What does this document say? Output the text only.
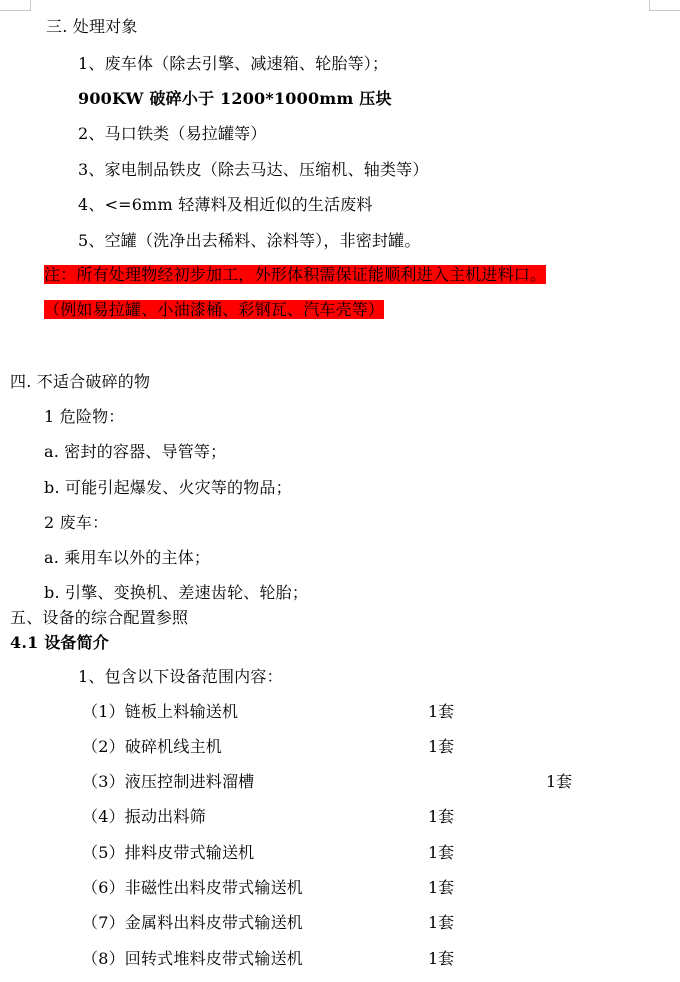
三. 处理对象
1、废车体（除去引擎、减速箱、轮胎等）；
900KW 破碎小于 1200*1000mm 压块
2、马口铁类（易拉罐等）
3、家电制品铁皮（除去马达、压缩机、轴类等）
4、<=6mm 轻薄料及相近似的生活废料
5、空罐（洗净出去稀料、涂料等），非密封罐。
注：所有处理物经初步加工，外形体积需保证能顺利进入主机进料口。
（例如易拉罐、小油漆桶、彩钢瓦、汽车壳等）
四. 不适合破碎的物
1 危险物：
a. 密封的容器、导管等；
b. 可能引起爆发、火灾等的物品；
2 废车：
a. 乘用车以外的主体；
b. 引擎、变换机、差速齿轮、轮胎；
五、设备的综合配置参照
4.1 设备简介
1、包含以下设备范围内容：
（1）链板上料输送机	1套
（2）破碎机线主机	1套
（3）液压控制进料溜槽	1套
（4）振动出料筛	1套
（5）排料皮带式输送机	1套
（6）非磁性出料皮带式输送机	1套
（7）金属料出料皮带式输送机	1套
（8）回转式堆料皮带式输送机	1套
